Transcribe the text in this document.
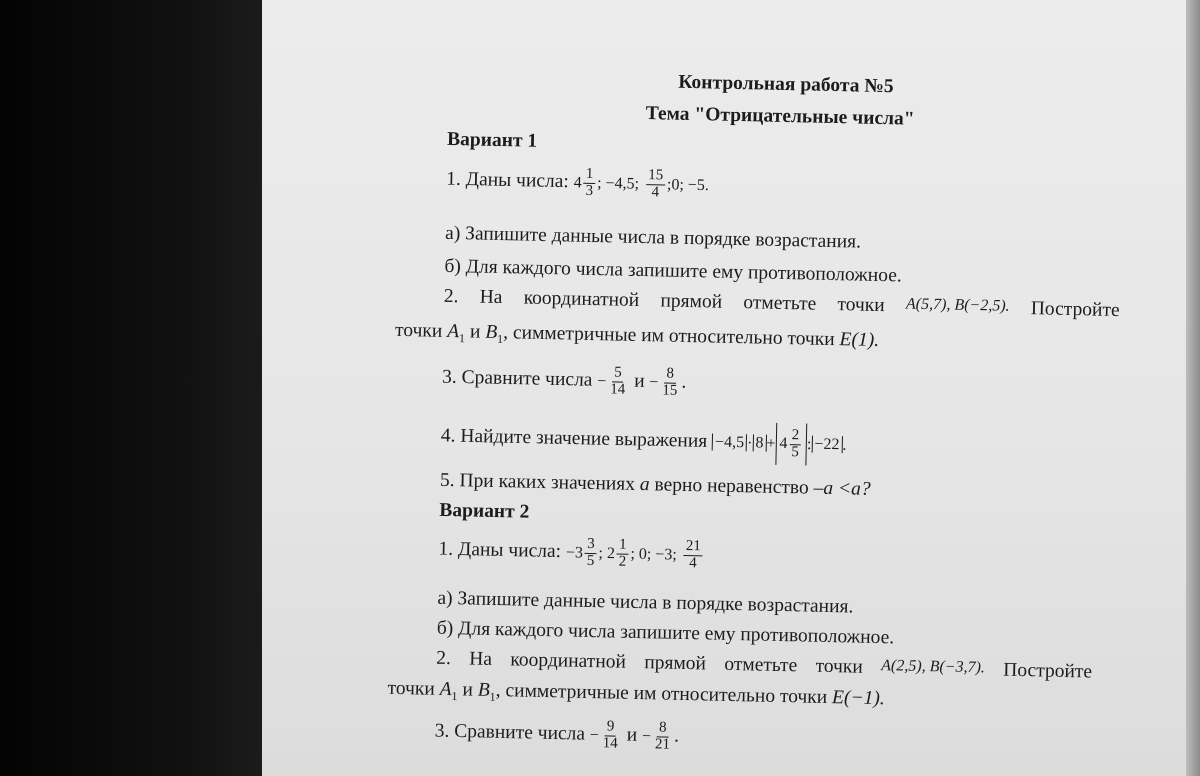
Контрольная работа №5
Тема "Отрицательные числа"
Вариант 1
1. Даны числа: $4 \frac{1}{3}$ ; −4,5; $\frac{15}{4}$ ;0; −5.
а) Запишите данные числа в порядке возрастания.
б) Для каждого числа запишите ему противоположное.
2. На координатной прямой отметьте точки A(5,7), B(−2,5). Постройте
точки $A_1$ и $B_1$, симметричные им относительно точки E(1).
3. Сравните числа − $\frac{5}{14}$ $и - \frac{8}{15}$ .
4. Найдите значение выражения $-4,5 \cdot 8 + 4 \frac{2}{5}$ : −22 .
5. При каких значениях a верно неравенство –a <a?
Вариант 2
1. Даны числа: $-3 \frac{3}{5}$ ; $2 \frac{1}{2}$ ; 0; −3; $\frac{21}{4}$
а) Запишите данные числа в порядке возрастания.
б) Для каждого числа запишите ему противоположное.
2. На координатной прямой отметьте точки A(2,5), B(−3,7). Постройте
точки $A_1$ и $B_1$, симметричные им относительно точки E(−1).
3. Сравните числа − $\frac{9}{14}$ $и - \frac{8}{21}$ .
